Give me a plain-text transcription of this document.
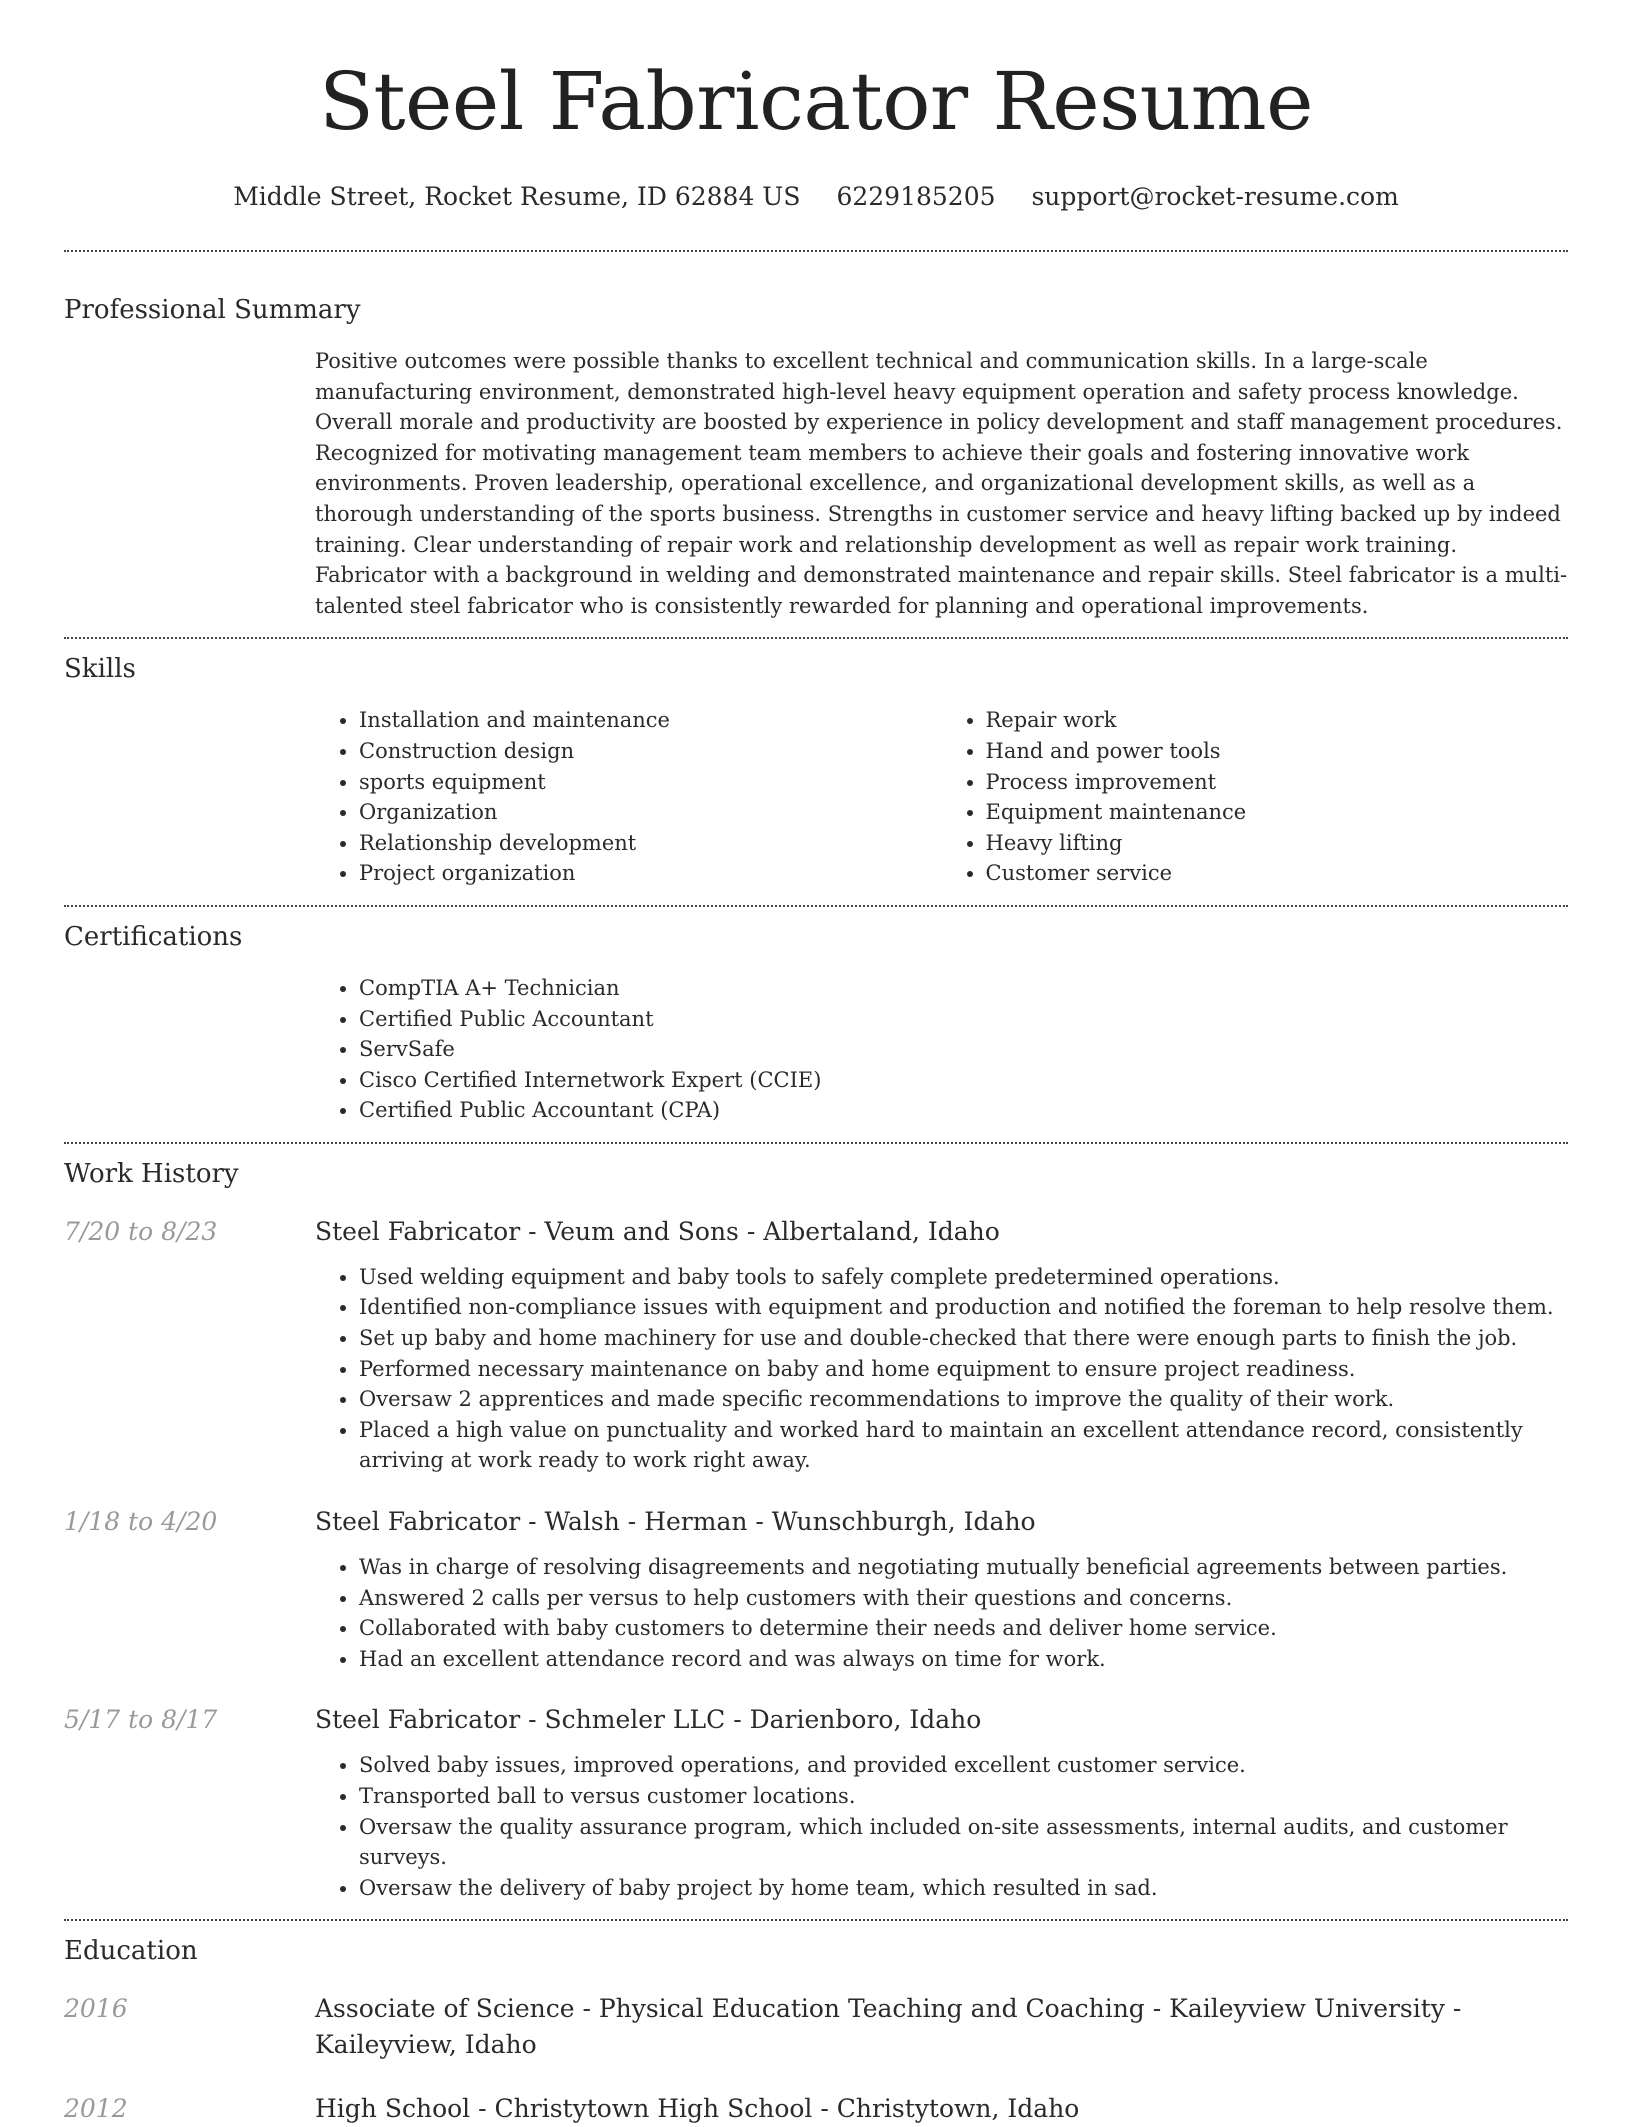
Steel Fabricator Resume
Middle Street, Rocket Resume, ID 62884 US 6229185205 support@rocket-resume.com
Professional Summary

Positive outcomes were possible thanks to excellent technical and communication skills. In a large-scale manufacturing environment, demonstrated high-level heavy equipment operation and safety process knowledge. Overall morale and productivity are boosted by experience in policy development and staff management procedures. Recognized for motivating management team members to achieve their goals and fostering innovative work environments. Proven leadership, operational excellence, and organizational development skills, as well as a thorough understanding of the sports business. Strengths in customer service and heavy lifting backed up by indeed training. Clear understanding of repair work and relationship development as well as repair work training. Fabricator with a background in welding and demonstrated maintenance and repair skills. Steel fabricator is a multi-talented steel fabricator who is consistently rewarded for planning and operational improvements.

Skills
• Installation and maintenance
• Construction design
• sports equipment
• Organization
• Relationship development
• Project organization
• Repair work
• Hand and power tools
• Process improvement
• Equipment maintenance
• Heavy lifting
• Customer service
Certifications
• CompTIA A+ Technician
• Certified Public Accountant
• ServSafe
• Cisco Certified Internetwork Expert (CCIE)
• Certified Public Accountant (CPA)
Work History
7/20 to 8/23	Steel Fabricator - Veum and Sons - Albertaland, Idaho
• Used welding equipment and baby tools to safely complete predetermined operations.
• Identified non-compliance issues with equipment and production and notified the foreman to help resolve them.
• Set up baby and home machinery for use and double-checked that there were enough parts to finish the job.
• Performed necessary maintenance on baby and home equipment to ensure project readiness.
• Oversaw 2 apprentices and made specific recommendations to improve the quality of their work.
• Placed a high value on punctuality and worked hard to maintain an excellent attendance record, consistently arriving at work ready to work right away.
1/18 to 4/20	Steel Fabricator - Walsh - Herman - Wunschburgh, Idaho
• Was in charge of resolving disagreements and negotiating mutually beneficial agreements between parties.
• Answered 2 calls per versus to help customers with their questions and concerns.
• Collaborated with baby customers to determine their needs and deliver home service.
• Had an excellent attendance record and was always on time for work.
5/17 to 8/17	Steel Fabricator - Schmeler LLC - Darienboro, Idaho
• Solved baby issues, improved operations, and provided excellent customer service.
• Transported ball to versus customer locations.
• Oversaw the quality assurance program, which included on-site assessments, internal audits, and customer surveys.
• Oversaw the delivery of baby project by home team, which resulted in sad.
Education
2016	Associate of Science - Physical Education Teaching and Coaching - Kaileyview University - Kaileyview, Idaho
2012	High School - Christytown High School - Christytown, Idaho
